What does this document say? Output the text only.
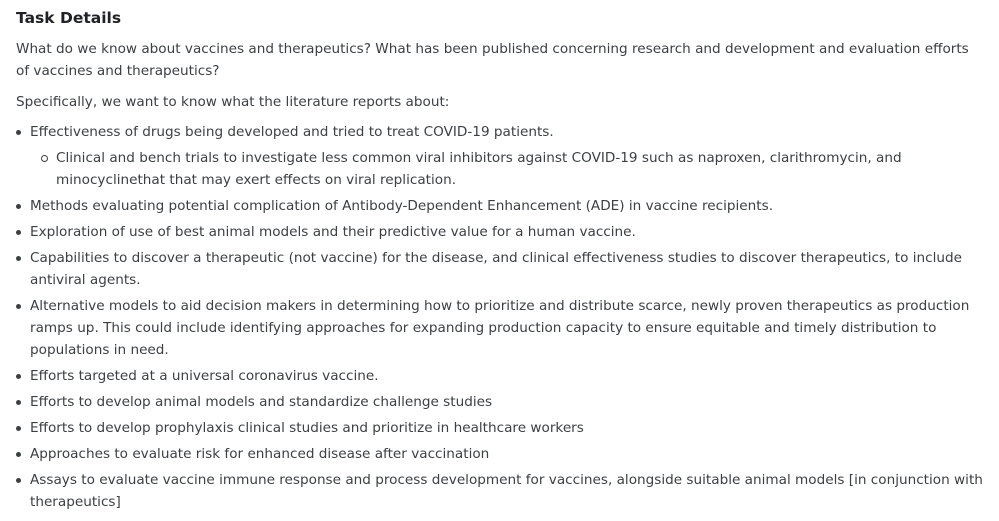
Task Details

What do we know about vaccines and therapeutics? What has been published concerning research and development and evaluation efforts of vaccines and therapeutics?

Specifically, we want to know what the literature reports about:

Effectiveness of drugs being developed and tried to treat COVID-19 patients.
Clinical and bench trials to investigate less common viral inhibitors against COVID-19 such as naproxen, clarithromycin, and minocyclinethat that may exert effects on viral replication.
Methods evaluating potential complication of Antibody-Dependent Enhancement (ADE) in vaccine recipients.
Exploration of use of best animal models and their predictive value for a human vaccine.
Capabilities to discover a therapeutic (not vaccine) for the disease, and clinical effectiveness studies to discover therapeutics, to include antiviral agents.
Alternative models to aid decision makers in determining how to prioritize and distribute scarce, newly proven therapeutics as production ramps up. This could include identifying approaches for expanding production capacity to ensure equitable and timely distribution to populations in need.
Efforts targeted at a universal coronavirus vaccine.
Efforts to develop animal models and standardize challenge studies
Efforts to develop prophylaxis clinical studies and prioritize in healthcare workers
Approaches to evaluate risk for enhanced disease after vaccination
Assays to evaluate vaccine immune response and process development for vaccines, alongside suitable animal models [in conjunction with therapeutics]
